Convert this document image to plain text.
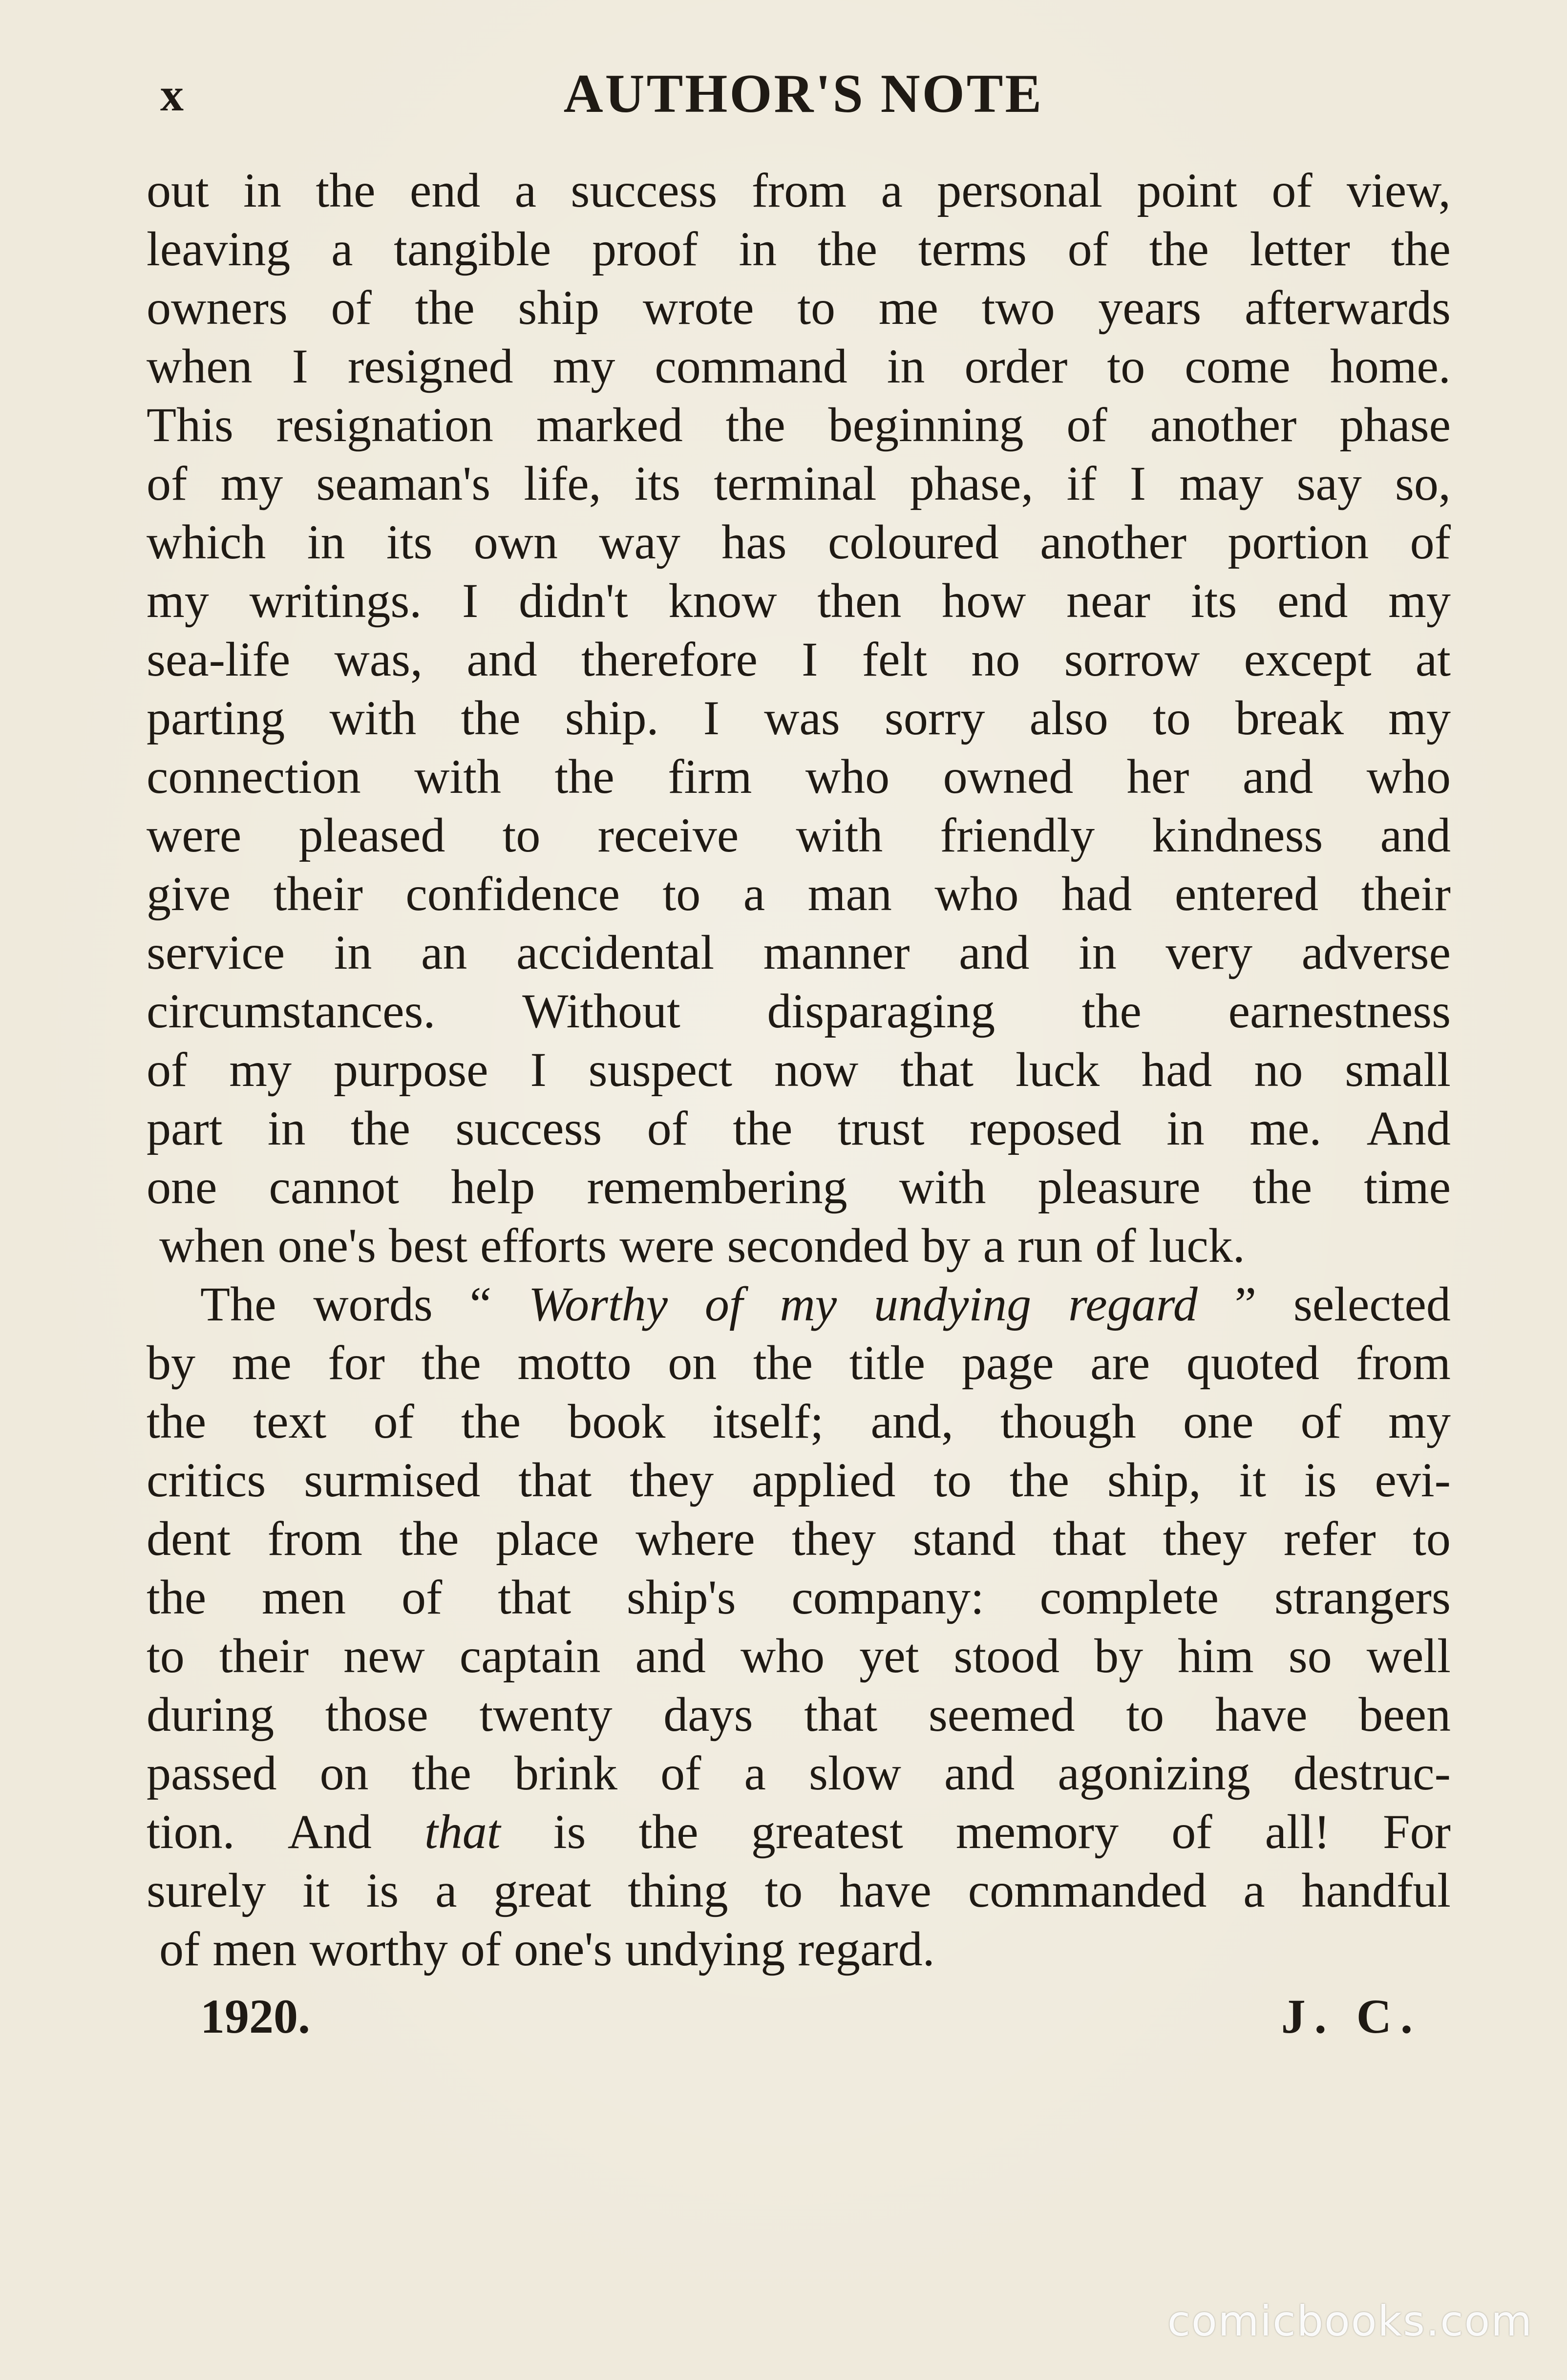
x	AUTHOR'S NOTE
out in the end a success from a personal point of view,
leaving a tangible proof in the terms of the letter the
owners of the ship wrote to me two years afterwards
when I resigned my command in order to come home.
This resignation marked the beginning of another phase
of my seaman's life, its terminal phase, if I may say so,
which in its own way has coloured another portion of
my writings. I didn't know then how near its end my
sea-life was, and therefore I felt no sorrow except at
parting with the ship. I was sorry also to break my
connection with the firm who owned her and who
were pleased to receive with friendly kindness and
give their confidence to a man who had entered their
service in an accidental manner and in very adverse
circumstances. Without disparaging the earnestness
of my purpose I suspect now that luck had no small
part in the success of the trust reposed in me. And
one cannot help remembering with pleasure the time
when one's best efforts were seconded by a run of luck.
The words “ Worthy of my undying regard ” selected
by me for the motto on the title page are quoted from
the text of the book itself; and, though one of my
critics surmised that they applied to the ship, it is evi-
dent from the place where they stand that they refer to
the men of that ship's company: complete strangers
to their new captain and who yet stood by him so well
during those twenty days that seemed to have been
passed on the brink of a slow and agonizing destruc-
tion. And that is the greatest memory of all! For
surely it is a great thing to have commanded a handful
of men worthy of one's undying regard.
1920.	J. C.
comicbooks.com
